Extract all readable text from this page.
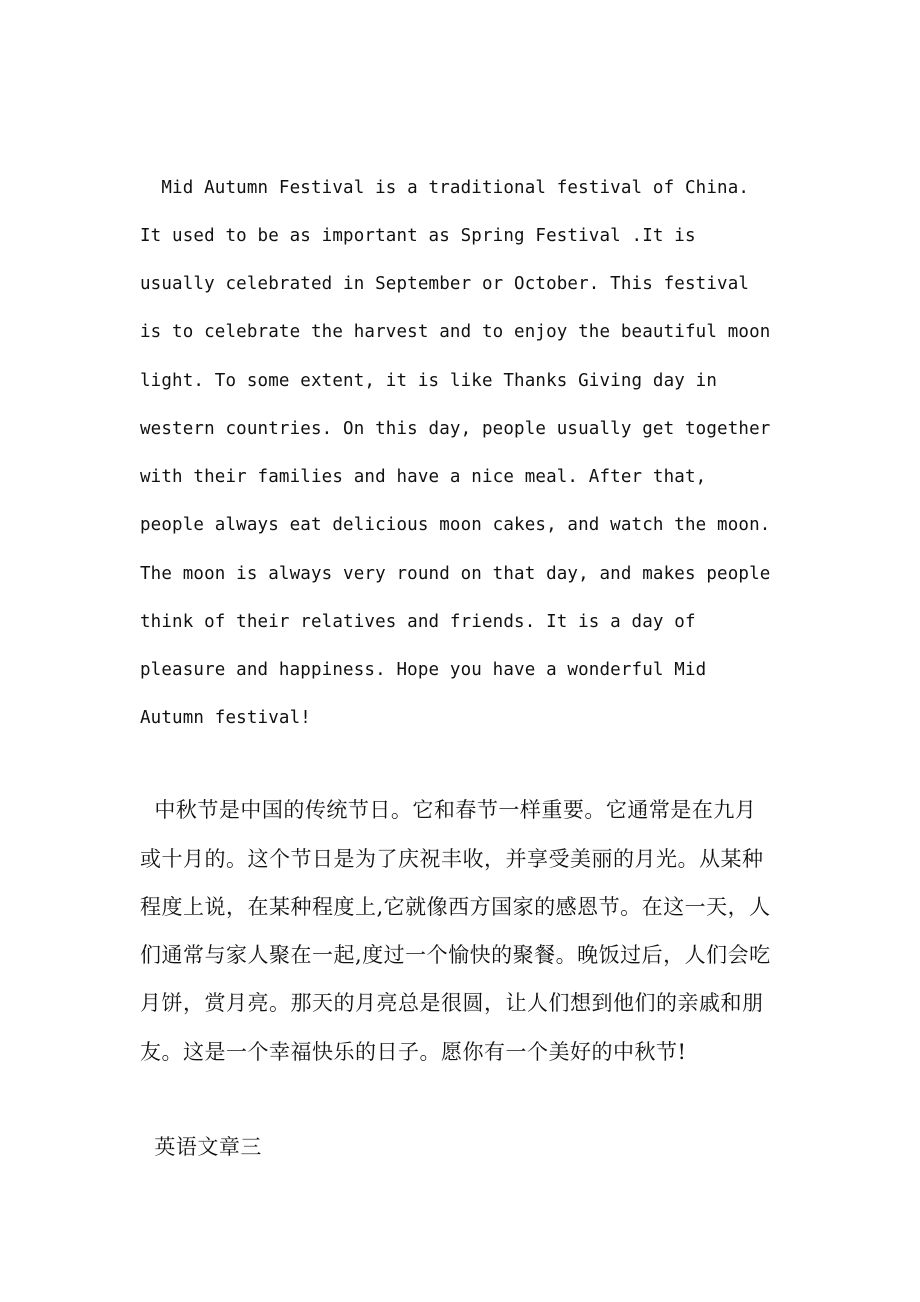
Mid Autumn Festival is a traditional festival of China.
It used to be as important as Spring Festival .It is
usually celebrated in September or October. This festival
is to celebrate the harvest and to enjoy the beautiful moon
light. To some extent, it is like Thanks Giving day in
western countries. On this day, people usually get together
with their families and have a nice meal. After that,
people always eat delicious moon cakes, and watch the moon.
The moon is always very round on that day, and makes people
think of their relatives and friends. It is a day of
pleasure and happiness. Hope you have a wonderful Mid
Autumn festival!
中秋节是中国的传统节日。它和春节一样重要。它通常是在九月
或十月的。这个节日是为了庆祝丰收，并享受美丽的月光。从某种
程度上说，在某种程度上,它就像西方国家的感恩节。在这一天，人
们通常与家人聚在一起,度过一个愉快的聚餐。晚饭过后，人们会吃
月饼，赏月亮。那天的月亮总是很圆，让人们想到他们的亲戚和朋
友。这是一个幸福快乐的日子。愿你有一个美好的中秋节!
英语文章三
